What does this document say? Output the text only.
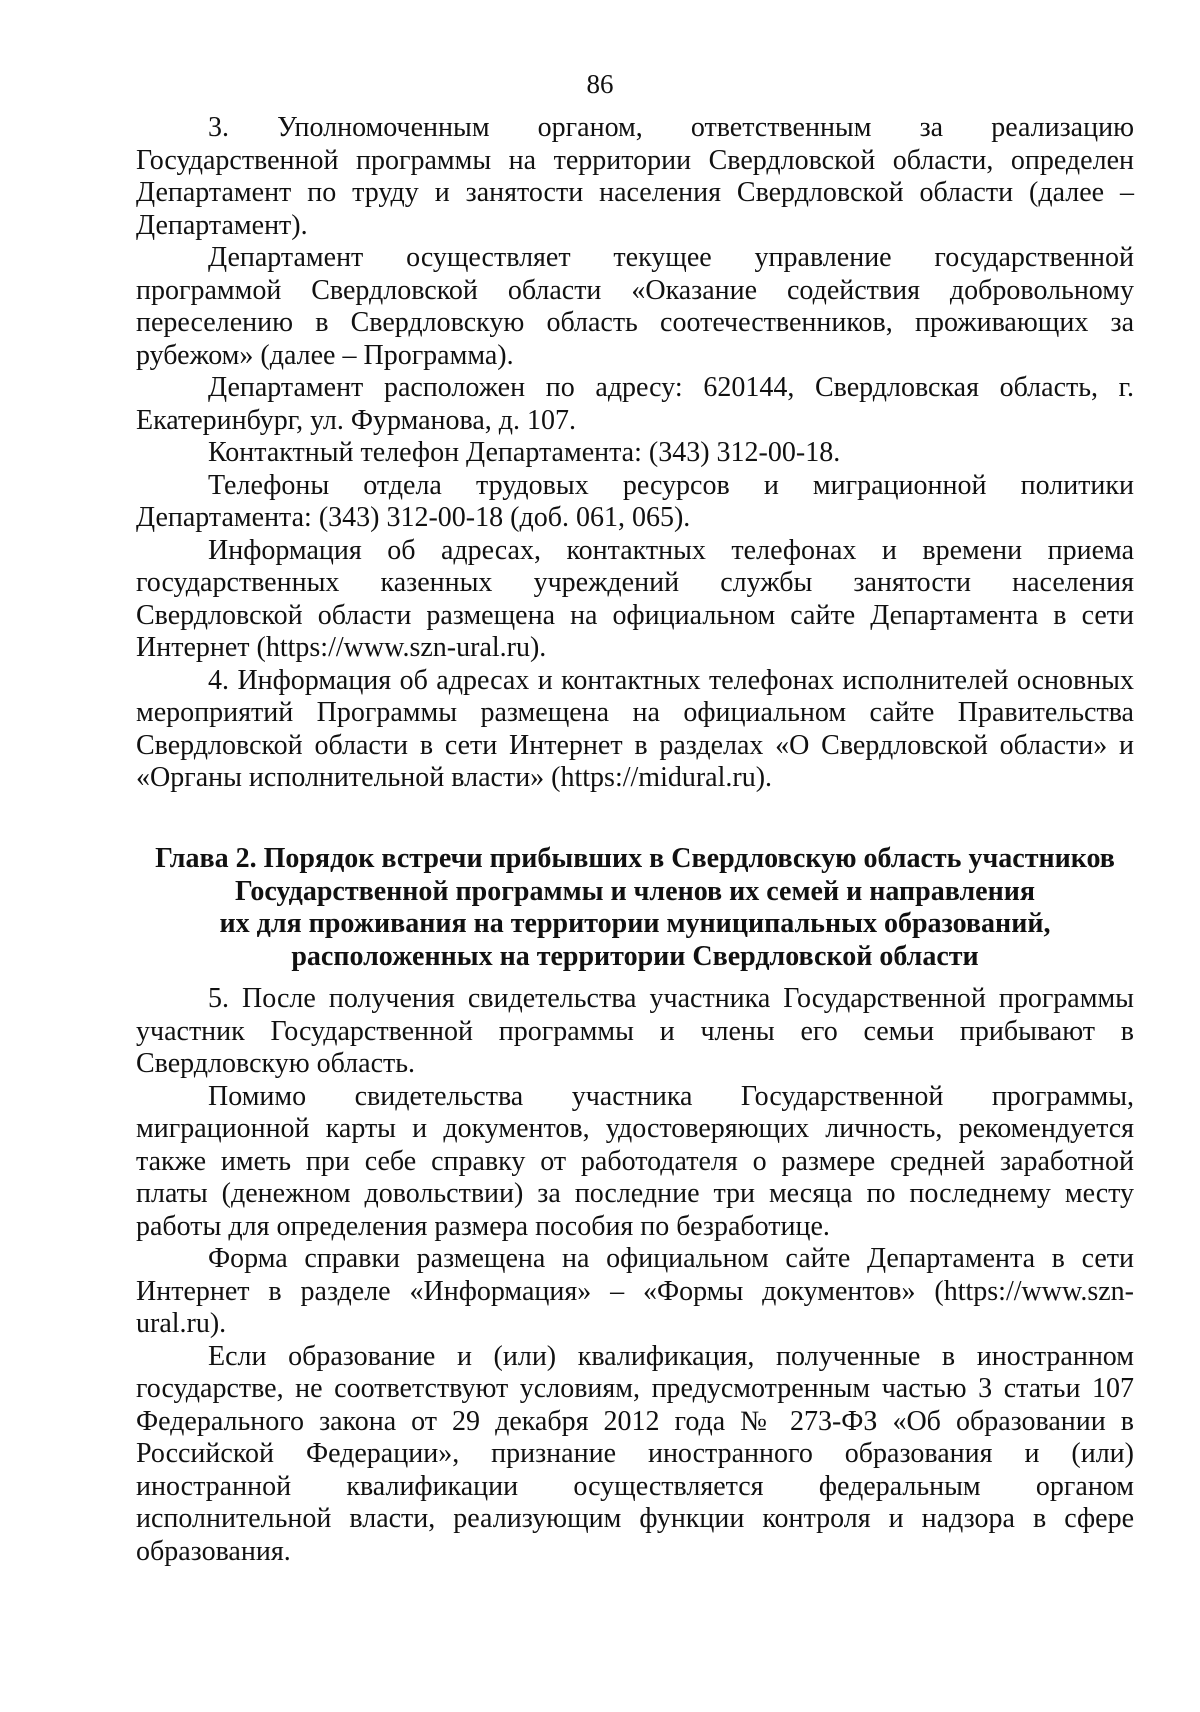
86

3. Уполномоченным органом, ответственным за реализацию Государственной программы на территории Свердловской области, определен Департамент по труду и занятости населения Свердловской области (далее – Департамент).

Департамент осуществляет текущее управление государственной программой Свердловской области «Оказание содействия добровольному переселению в Свердловскую область соотечественников, проживающих за рубежом» (далее – Программа).

Департамент расположен по адресу: 620144, Свердловская область, г. Екатеринбург, ул. Фурманова, д. 107.

Контактный телефон Департамента: (343) 312-00-18.

Телефоны отдела трудовых ресурсов и миграционной политики Департамента: (343) 312-00-18 (доб. 061, 065).

Информация об адресах, контактных телефонах и времени приема государственных казенных учреждений службы занятости населения Свердловской области размещена на официальном сайте Департамента в сети Интернет (https://www.szn-ural.ru).

4. Информация об адресах и контактных телефонах исполнителей основных мероприятий Программы размещена на официальном сайте Правительства Свердловской области в сети Интернет в разделах «О Свердловской области» и «Органы исполнительной власти» (https://midural.ru).

Глава 2. Порядок встречи прибывших в Свердловскую область участников
Государственной программы и членов их семей и направления
их для проживания на территории муниципальных образований,
расположенных на территории Свердловской области

5. После получения свидетельства участника Государственной программы участник Государственной программы и члены его семьи прибывают в Свердловскую область.

Помимо свидетельства участника Государственной программы, миграционной карты и документов, удостоверяющих личность, рекомендуется также иметь при себе справку от работодателя о размере средней заработной платы (денежном довольствии) за последние три месяца по последнему месту работы для определения размера пособия по безработице.

Форма справки размещена на официальном сайте Департамента в сети Интернет в разделе «Информация» – «Формы документов» (https://www.szn-ural.ru).

Если образование и (или) квалификация, полученные в иностранном государстве, не соответствуют условиям, предусмотренным частью 3 статьи 107 Федерального закона от 29 декабря 2012 года № 273-ФЗ «Об образовании в Российской Федерации», признание иностранного образования и (или) иностранной квалификации осуществляется федеральным органом исполнительной власти, реализующим функции контроля и надзора в сфере образования.
